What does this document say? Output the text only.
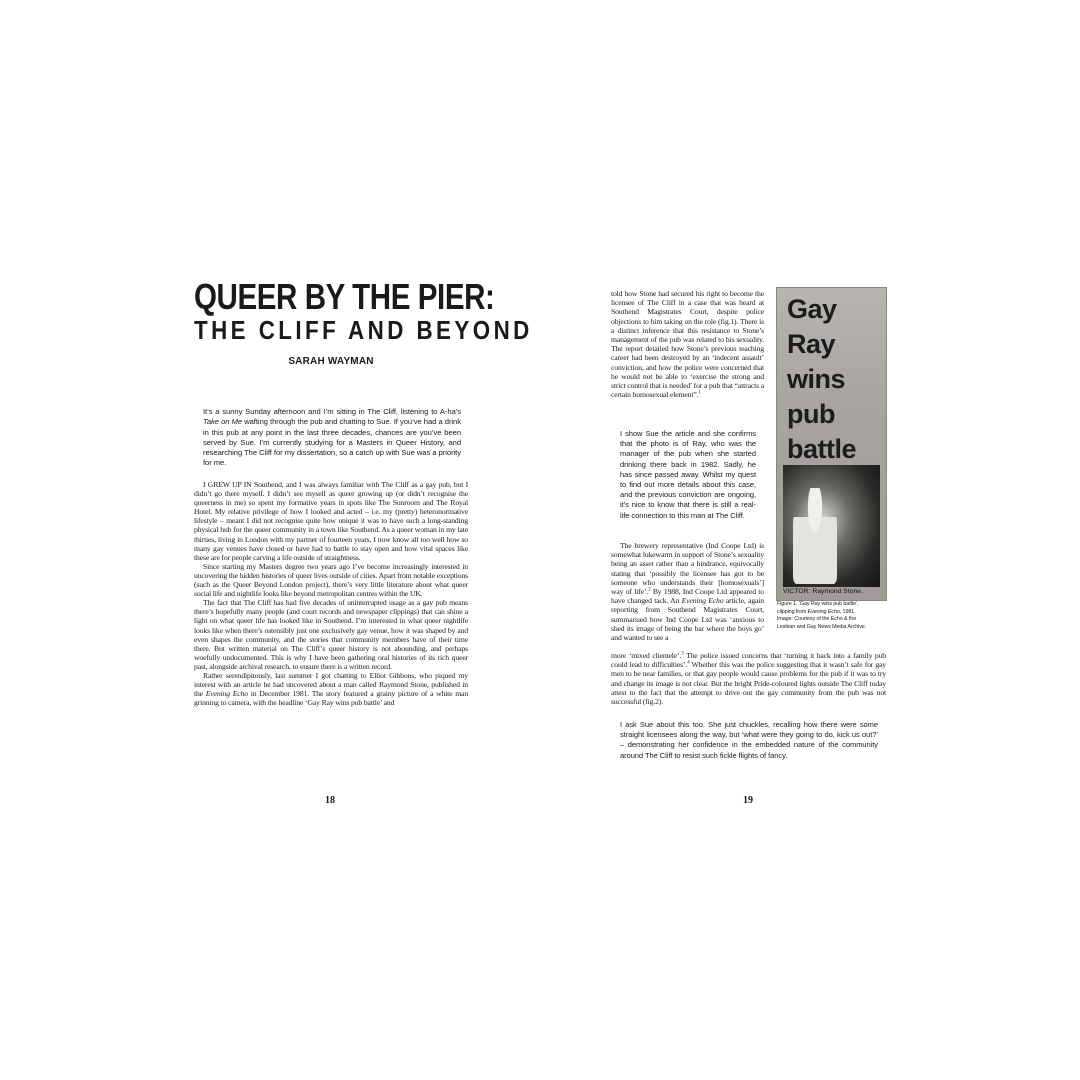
QUEER BY THE PIER:
THE CLIFF AND BEYOND
SARAH WAYMAN
It’s a sunny Sunday afternoon and I’m sitting in The Cliff, listening to A-ha’s Take on Me wafting through the pub and chatting to Sue. If you’ve had a drink in this pub at any point in the last three decades, chances are you’ve been served by Sue. I’m currently studying for a Masters in Queer History, and researching The Cliff for my dissertation, so a catch up with Sue was a priority for me.

I GREW UP IN Southend, and I was always familiar with The Cliff as a gay pub, but I didn’t go there myself. I didn’t see myself as queer growing up (or didn’t recognise the queerness in me) so spent my formative years in spots like The Sunroom and The Royal Hotel. My relative privilege of how I looked and acted – i.e. my (pretty) heteronormative lifestyle – meant I did not recognise quite how unique it was to have such a long-standing physical hub for the queer community in a town like Southend. As a queer woman in my late thirties, living in London with my partner of fourteen years, I now know all too well how so many gay venues have closed or have had to battle to stay open and how vital spaces like these are for people carving a life outside of straightness.

Since starting my Masters degree two years ago I’ve become increasingly interested in uncovering the hidden histories of queer lives outside of cities. Apart from notable exceptions (such as the Queer Beyond London project), there’s very little literature about what queer social life and nightlife looks like beyond metropolitan centres within the UK.

The fact that The Cliff has had five decades of uninterrupted usage as a gay pub means there’s hopefully many people (and court records and newspaper clippings) that can shine a light on what queer life has looked like in Southend. I’m interested in what queer nightlife looks like when there’s ostensibly just one exclusively gay venue, how it was shaped by and even shapes the community, and the stories that community members have of their time there. But written material on The Cliff’s queer history is not abounding, and perhaps woefully undocumented. This is why I have been gathering oral histories of its rich queer past, alongside archival research, to ensure there is a written record.

Rather serendipitously, last summer I got chatting to Elliot Gibbons, who piqued my interest with an article he had uncovered about a man called Raymond Stone, published in the Evening Echo in December 1981. The story featured a grainy picture of a white man grinning to camera, with the headline ‘Gay Ray wins pub battle’ and

18
told how Stone had secured his right to become the licensee of The Cliff in a case that was heard at Southend Magistrates Court, despite police objections to him taking on the role (fig.1). There is a distinct inference that this resistance to Stone’s management of the pub was related to his sexuality. The report detailed how Stone’s previous teaching career had been destroyed by an ‘indecent assault’ conviction, and how the police were concerned that he would not be able to ‘exercise the strong and strict control that is needed’ for a pub that “attracts a certain homosexual element”.$^1$
I show Sue the article and she confirms that the photo is of Ray, who was the manager of the pub when she started drinking there back in 1982. Sadly, he has since passed away. Whilst my quest to find out more details about this case, and the previous conviction are ongoing, it’s nice to know that there is still a real-life connection to this man at The Cliff.
The brewery representative (Ind Coope Ltd) is somewhat lukewarm in support of Stone’s sexuality being an asset rather than a hindrance, equivocally stating that ‘possibly the licensee has got to be someone who understands their [homosexuals’] way of life’.$^2$ By 1988, Ind Coope Ltd appeared to have changed tack. An Evening Echo article, again reporting from Southend Magistrates Court, summarised how Ind Coope Ltd was ‘anxious to shed its image of being the bar where the boys go’ and wanted to see a
more ‘mixed clientele’.$^3$ The police issued concerns that ‘turning it back into a family pub could lead to difficulties’.$^4$ Whether this was the police suggesting that it wasn’t safe for gay men to be near families, or that gay people would cause problems for the pub if it was to try and change its image is not clear. But the bright Pride-coloured lights outside The Cliff today attest to the fact that the attempt to drive out the gay community from the pub was not successful (fig.2).
I ask Sue about this too. She just chuckles, recalling how there were some straight licensees along the way, but ‘what were they going to do, kick us out?’ – demonstrating her confidence in the embedded nature of the community around The Cliff to resist such fickle flights of fancy.
Gay
Ray
wins
pub
battle
VICTOR: Raymond Stone.
Figure 1. ‘Gay Ray wins pub battle’,
clipping from Evening Echo, 1981.
Image: Courtesy of the Echo & the
Lesbian and Gay News Media Archive.
19
